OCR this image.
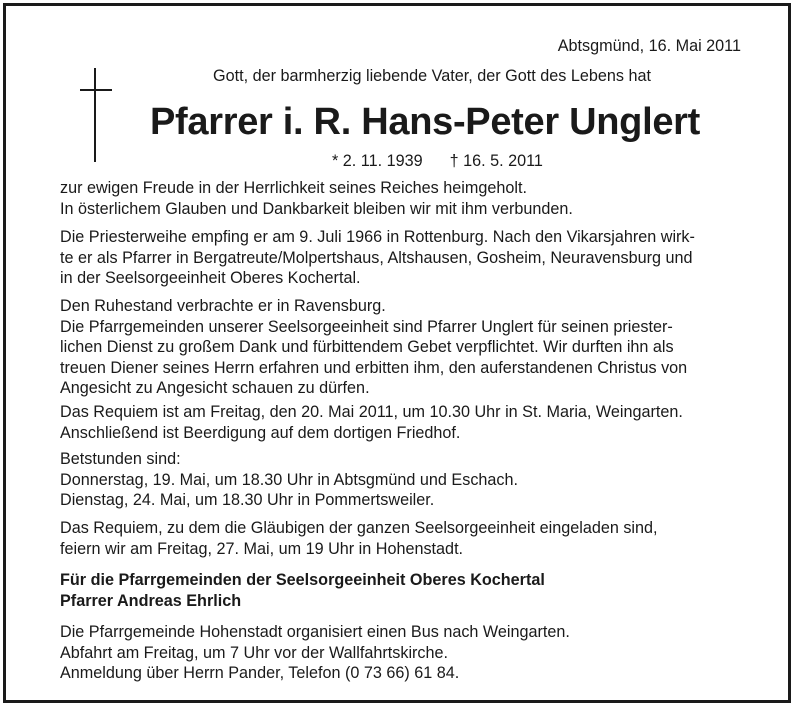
Abtsgmünd, 16. Mai 2011

Gott, der barmherzig liebende Vater, der Gott des Lebens hat

Pfarrer i. R. Hans-Peter Unglert
* 2. 11. 1939 † 16. 5. 2011

zur ewigen Freude in der Herrlichkeit seines Reiches heimgeholt.
In österlichem Glauben und Dankbarkeit bleiben wir mit ihm verbunden.

Die Priesterweihe empfing er am 9. Juli 1966 in Rottenburg. Nach den Vikarsjahren wirk-
te er als Pfarrer in Bergatreute/Molpertshaus, Altshausen, Gosheim, Neuravensburg und
in der Seelsorgeeinheit Oberes Kochertal.

Den Ruhestand verbrachte er in Ravensburg.
Die Pfarrgemeinden unserer Seelsorgeeinheit sind Pfarrer Unglert für seinen priester-
lichen Dienst zu großem Dank und fürbittendem Gebet verpflichtet. Wir durften ihn als
treuen Diener seines Herrn erfahren und erbitten ihm, den auferstandenen Christus von
Angesicht zu Angesicht schauen zu dürfen.

Das Requiem ist am Freitag, den 20. Mai 2011, um 10.30 Uhr in St. Maria, Weingarten.
Anschließend ist Beerdigung auf dem dortigen Friedhof.

Betstunden sind:
Donnerstag, 19. Mai, um 18.30 Uhr in Abtsgmünd und Eschach.
Dienstag, 24. Mai, um 18.30 Uhr in Pommertsweiler.

Das Requiem, zu dem die Gläubigen der ganzen Seelsorgeeinheit eingeladen sind,
feiern wir am Freitag, 27. Mai, um 19 Uhr in Hohenstadt.

Für die Pfarrgemeinden der Seelsorgeeinheit Oberes Kochertal
Pfarrer Andreas Ehrlich

Die Pfarrgemeinde Hohenstadt organisiert einen Bus nach Weingarten.
Abfahrt am Freitag, um 7 Uhr vor der Wallfahrtskirche.
Anmeldung über Herrn Pander, Telefon (0 73 66) 61 84.
